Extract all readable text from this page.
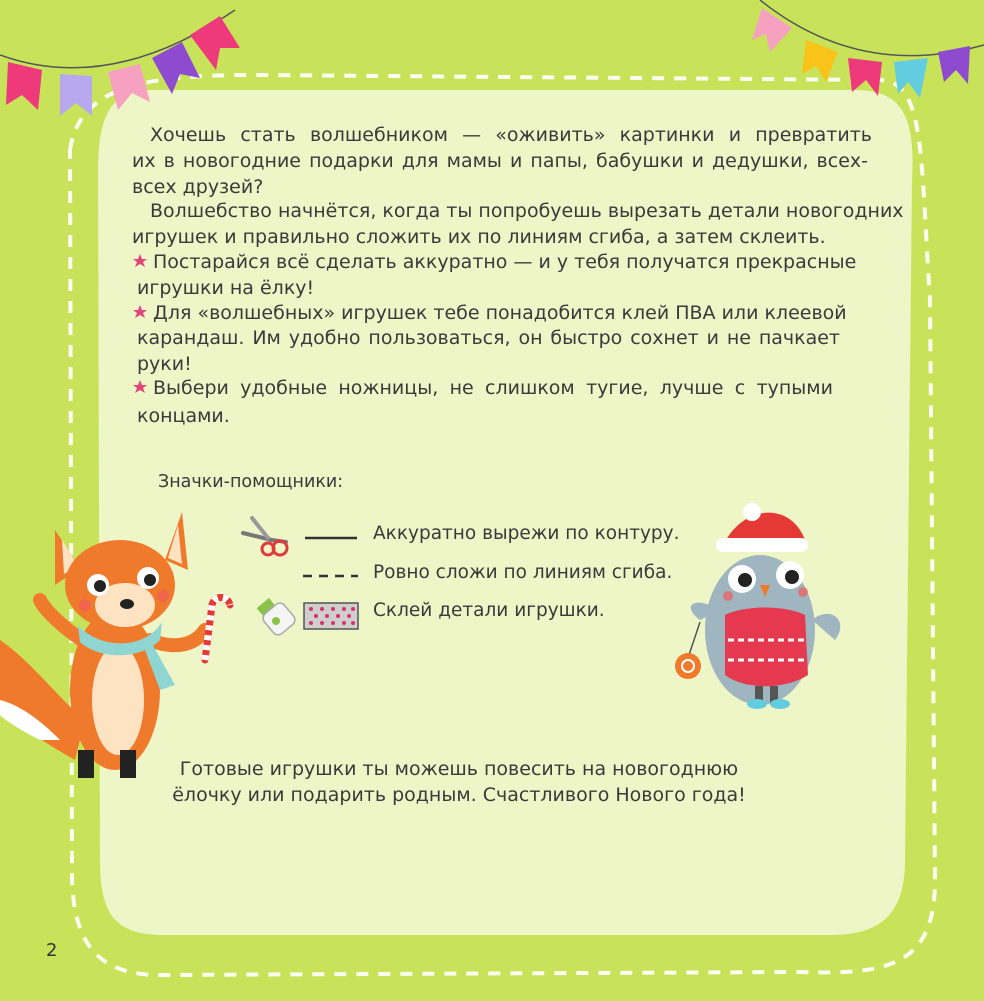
Хочешь стать волшебником — «оживить» картинки и превратить
их в новогодние подарки для мамы и папы, бабушки и дедушки, всех-
всех друзей?
Волшебство начнётся, когда ты попробуешь вырезать детали новогодних
игрушек и правильно сложить их по линиям сгиба, а затем склеить.
Постарайся всё сделать аккуратно — и у тебя получатся прекрасные
игрушки на ёлку!
Для «волшебных» игрушек тебе понадобится клей ПВА или клеевой
карандаш. Им удобно пользоваться, он быстро сохнет и не пачкает
руки!
Выбери удобные ножницы, не слишком тугие, лучше с тупыми
концами.
Значки-помощники:
Аккуратно вырежи по контуру.
Ровно сложи по линиям сгиба.
Склей детали игрушки.
Готовые игрушки ты можешь повесить на новогоднюю ёлочку или подарить родным. Счастливого Нового года!
2
